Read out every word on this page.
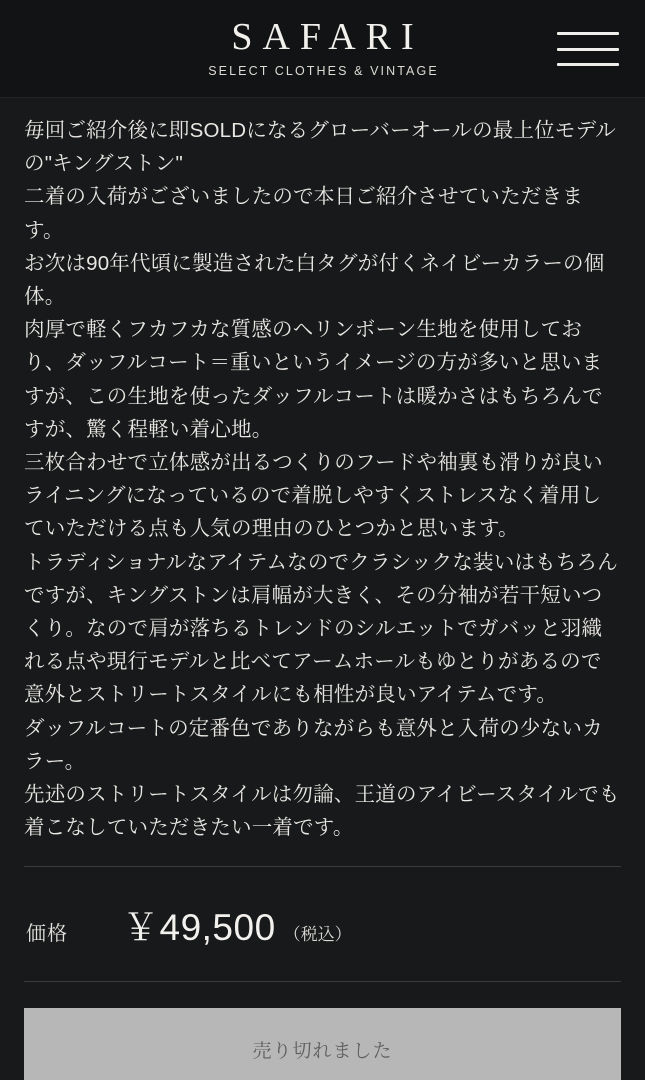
SAFARI
SELECT CLOTHES & VINTAGE

毎回ご紹介後に即SOLDになるグローバーオールの最上位モデルの"キングストン"

二着の入荷がございましたので本日ご紹介させていただきます。

お次は90年代頃に製造された白タグが付くネイビーカラーの個体。

肉厚で軽くフカフカな質感のヘリンボーン生地を使用しており、ダッフルコート＝重いというイメージの方が多いと思いますが、この生地を使ったダッフルコートは暖かさはもちろんですが、驚く程軽い着心地。

三枚合わせで立体感が出るつくりのフードや袖裏も滑りが良いライニングになっているので着脱しやすくストレスなく着用していただける点も人気の理由のひとつかと思います。

トラディショナルなアイテムなのでクラシックな装いはもちろんですが、キングストンは肩幅が大きく、その分袖が若干短いつくり。なので肩が落ちるトレンドのシルエットでガバッと羽織れる点や現行モデルと比べてアームホールもゆとりがあるので意外とストリートスタイルにも相性が良いアイテムです。

ダッフルコートの定番色でありながらも意外と入荷の少ないカラー。

先述のストリートスタイルは勿論、王道のアイビースタイルでも着こなしていただきたい一着です。

価格	￥49,500 （税込）
売り切れました
